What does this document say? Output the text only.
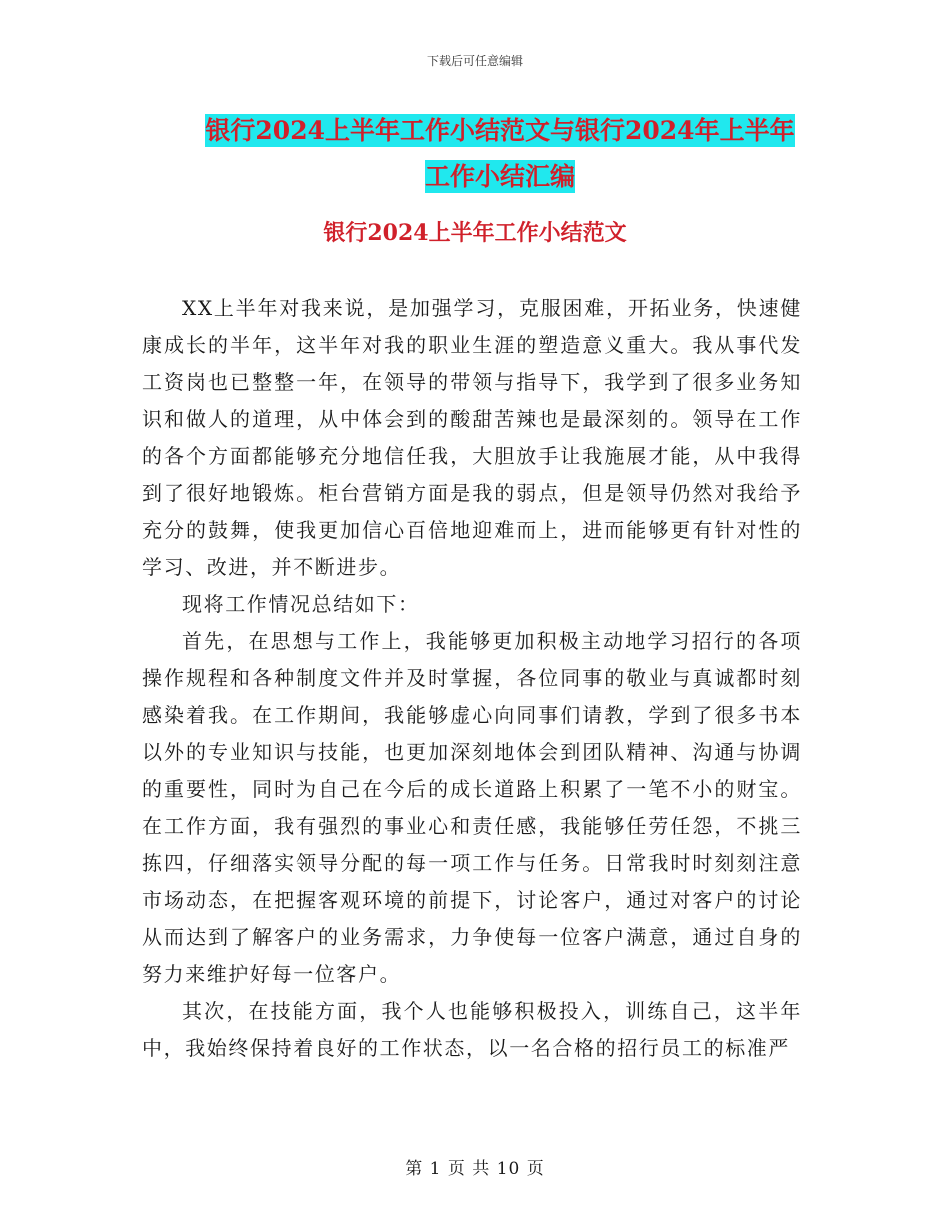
下载后可任意编辑
银行2024上半年工作小结范文与银行2024年上半年
工作小结汇编
银行2024上半年工作小结范文

XX上半年对我来说，是加强学习，克服困难，开拓业务，快速健康成长的半年，这半年对我的职业生涯的塑造意义重大。我从事代发工资岗也已整整一年，在领导的带领与指导下，我学到了很多业务知识和做人的道理，从中体会到的酸甜苦辣也是最深刻的。领导在工作的各个方面都能够充分地信任我，大胆放手让我施展才能，从中我得到了很好地锻炼。柜台营销方面是我的弱点，但是领导仍然对我给予充分的鼓舞，使我更加信心百倍地迎难而上，进而能够更有针对性的学习、改进，并不断进步。

现将工作情况总结如下：

首先，在思想与工作上，我能够更加积极主动地学习招行的各项操作规程和各种制度文件并及时掌握，各位同事的敬业与真诚都时刻感染着我。在工作期间，我能够虚心向同事们请教，学到了很多书本以外的专业知识与技能，也更加深刻地体会到团队精神、沟通与协调的重要性，同时为自己在今后的成长道路上积累了一笔不小的财宝。在工作方面，我有强烈的事业心和责任感，我能够任劳任怨，不挑三拣四，仔细落实领导分配的每一项工作与任务。日常我时时刻刻注意市场动态，在把握客观环境的前提下，讨论客户，通过对客户的讨论从而达到了解客户的业务需求，力争使每一位客户满意，通过自身的努力来维护好每一位客户。

其次，在技能方面，我个人也能够积极投入，训练自己，这半年中，我始终保持着良好的工作状态，以一名合格的招行员工的标准严

第 1 页 共 10 页
